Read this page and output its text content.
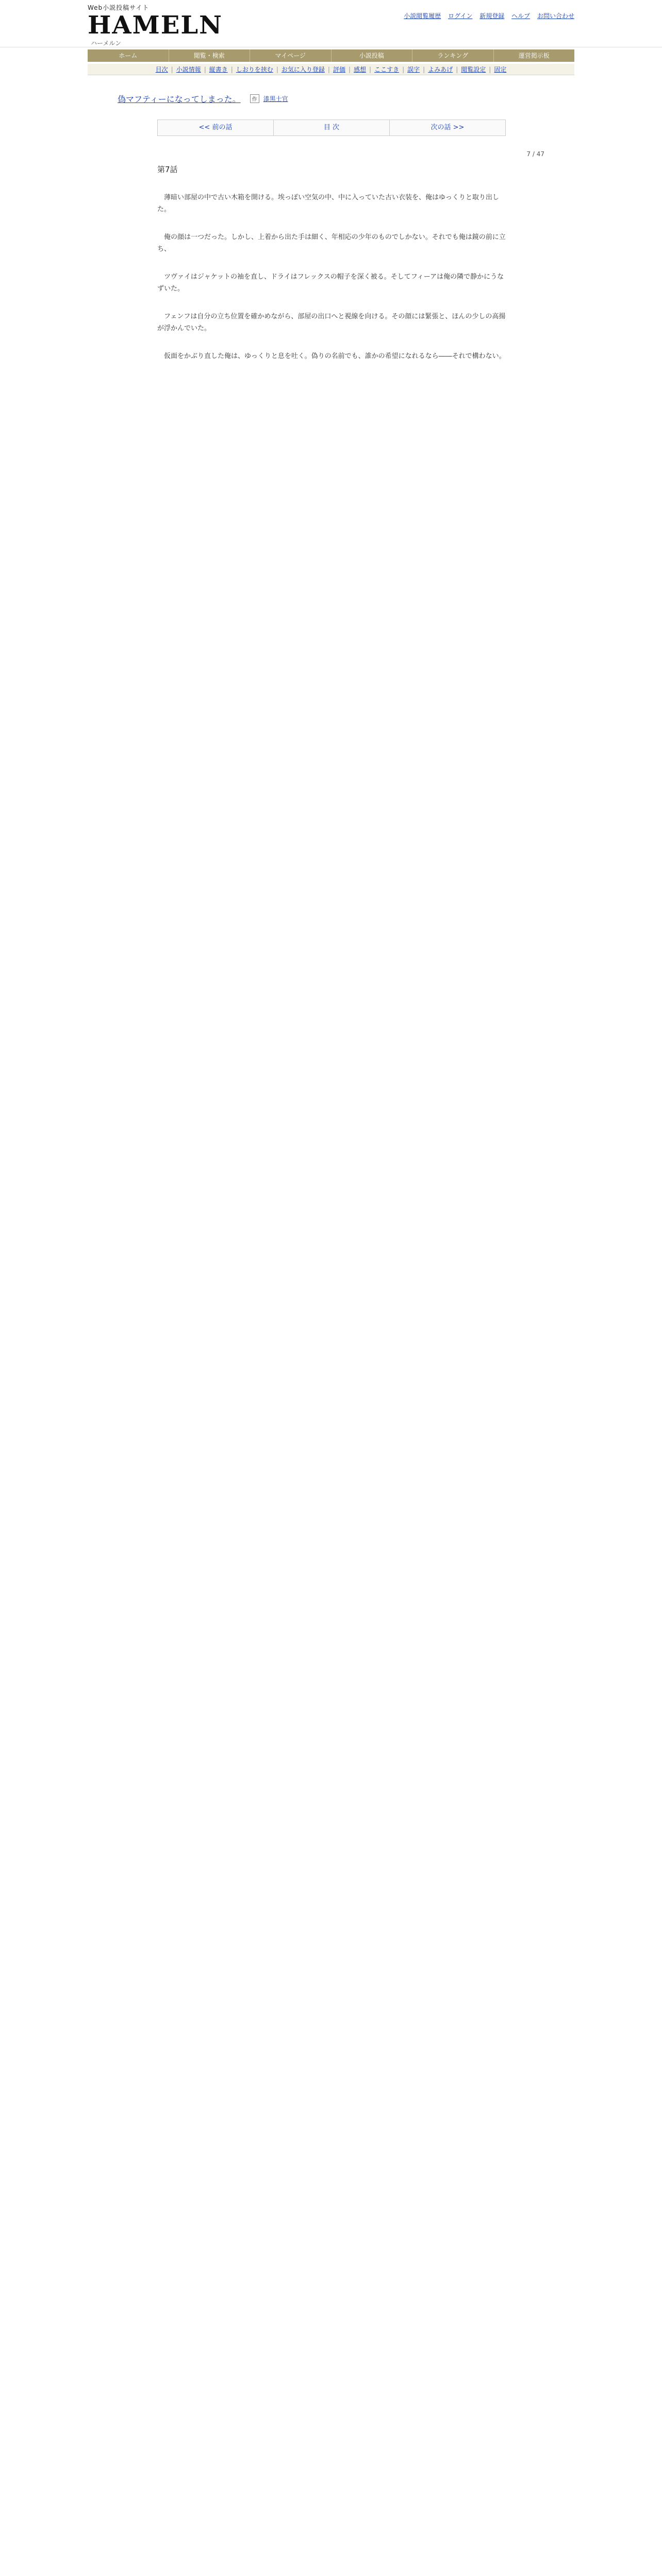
Web小説投稿サイト
HAMELN ハーメルン
小説閲覧履歴 ログイン 新規登録 ヘルプ お問い合わせ
ホーム	閲覧・検索	マイページ	小説投稿	ランキング	運営掲示板
目次 | 小説情報 | 縦書き | しおりを挟む | お気に入り登録 | 評価 | 感想 | ここすき | 誤字 | よみあげ | 閲覧設定 | 固定
偽マフティーになってしまった。	作 漆黒士官
<< 前の話	目 次	次の話 >>
7 / 47
第7話

　薄暗い部屋の中で古い木箱を開ける。埃っぽい空気の中、中に入っていた古い衣装を、俺はゆっくりと取り出した。

　俺の顔は一つだった。しかし、上着から出た手は細く、年相応の少年のものでしかない。それでも俺は鏡の前に立ち、

　ツヴァイはジャケットの袖を直し、ドライはフレックスの帽子を深く被る。そしてフィーアは俺の隣で静かにうなずいた。

　フェンフは自分の立ち位置を確かめながら、部屋の出口へと視線を向ける。その顔には緊張と、ほんの少しの高揚が浮かんでいた。

　仮面をかぶり直した俺は、ゆっくりと息を吐く。偽りの名前でも、誰かの希望になれるなら――それで構わない。
